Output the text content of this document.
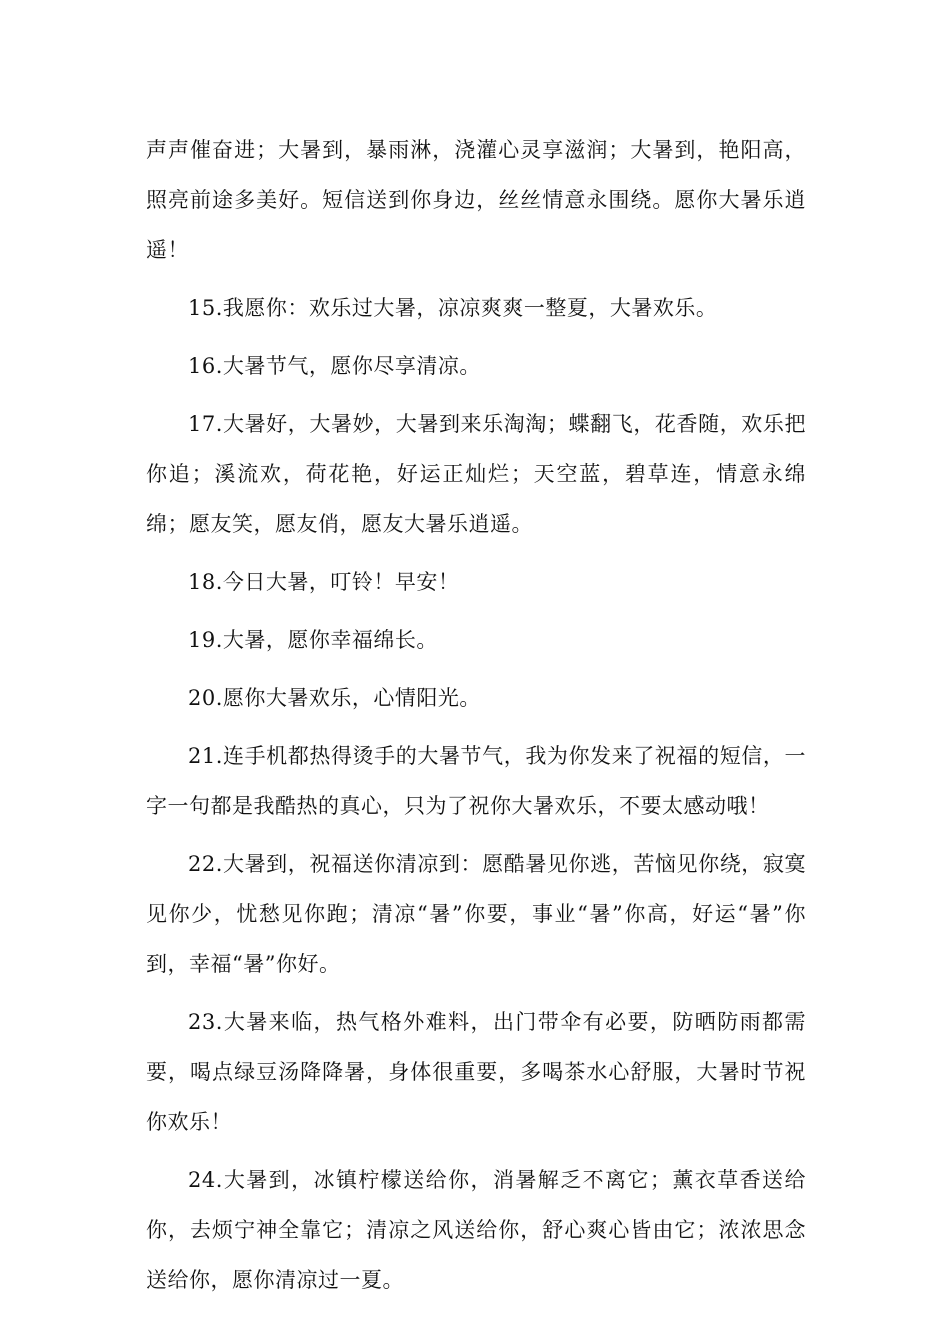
声声催奋进；大暑到，暴雨淋，浇灌心灵享滋润；大暑到，艳阳高，照亮前途多美好。短信送到你身边，丝丝情意永围绕。愿你大暑乐逍遥！

15.我愿你：欢乐过大暑，凉凉爽爽一整夏，大暑欢乐。

16.大暑节气，愿你尽享清凉。

17.大暑好，大暑妙，大暑到来乐淘淘；蝶翻飞，花香随，欢乐把你追；溪流欢，荷花艳，好运正灿烂；天空蓝，碧草连，情意永绵绵；愿友笑，愿友俏，愿友大暑乐逍遥。

18.今日大暑，叮铃！早安！

19.大暑，愿你幸福绵长。

20.愿你大暑欢乐，心情阳光。

21.连手机都热得烫手的大暑节气，我为你发来了祝福的短信，一字一句都是我酷热的真心，只为了祝你大暑欢乐，不要太感动哦！

22.大暑到，祝福送你清凉到：愿酷暑见你逃，苦恼见你绕，寂寞见你少，忧愁见你跑；清凉“暑”你要，事业“暑”你高，好运“暑”你到，幸福“暑”你好。

23.大暑来临，热气格外难料，出门带伞有必要，防晒防雨都需要，喝点绿豆汤降降暑，身体很重要，多喝茶水心舒服，大暑时节祝你欢乐！

24.大暑到，冰镇柠檬送给你，消暑解乏不离它；薰衣草香送给你，去烦宁神全靠它；清凉之风送给你，舒心爽心皆由它；浓浓思念送给你，愿你清凉过一夏。
